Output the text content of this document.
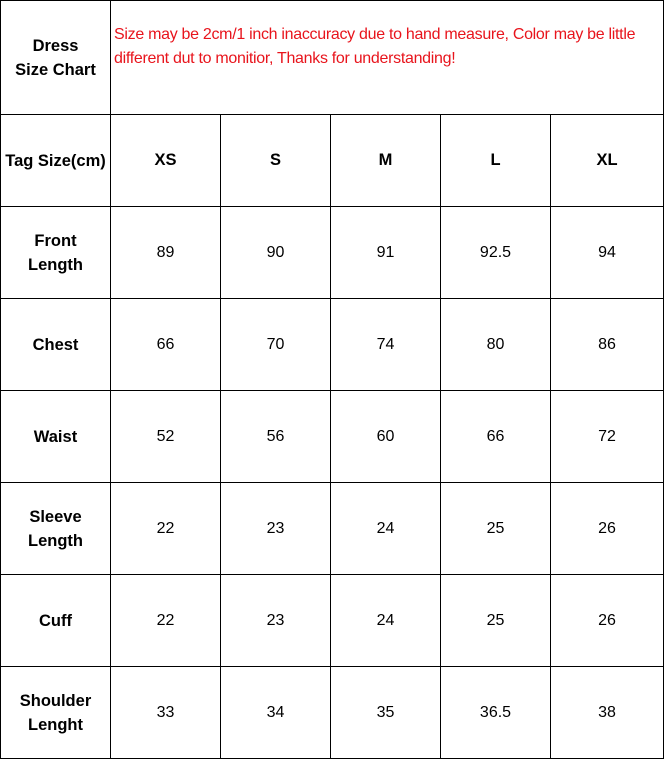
Dress
Size Chart	Size may be 2cm/1 inch inaccuracy due to hand measure, Color may be little different dut to monitior, Thanks for understanding!				
Tag Size(cm)	XS	S	M	L	XL

Front
Length	89	90	91	92.5	94

Chest	66	70	74	80	86

Waist	52	56	60	66	72

Sleeve
Length	22	23	24	25	26

Cuff	22	23	24	25	26

Shoulder
Lenght	33	34	35	36.5	38
